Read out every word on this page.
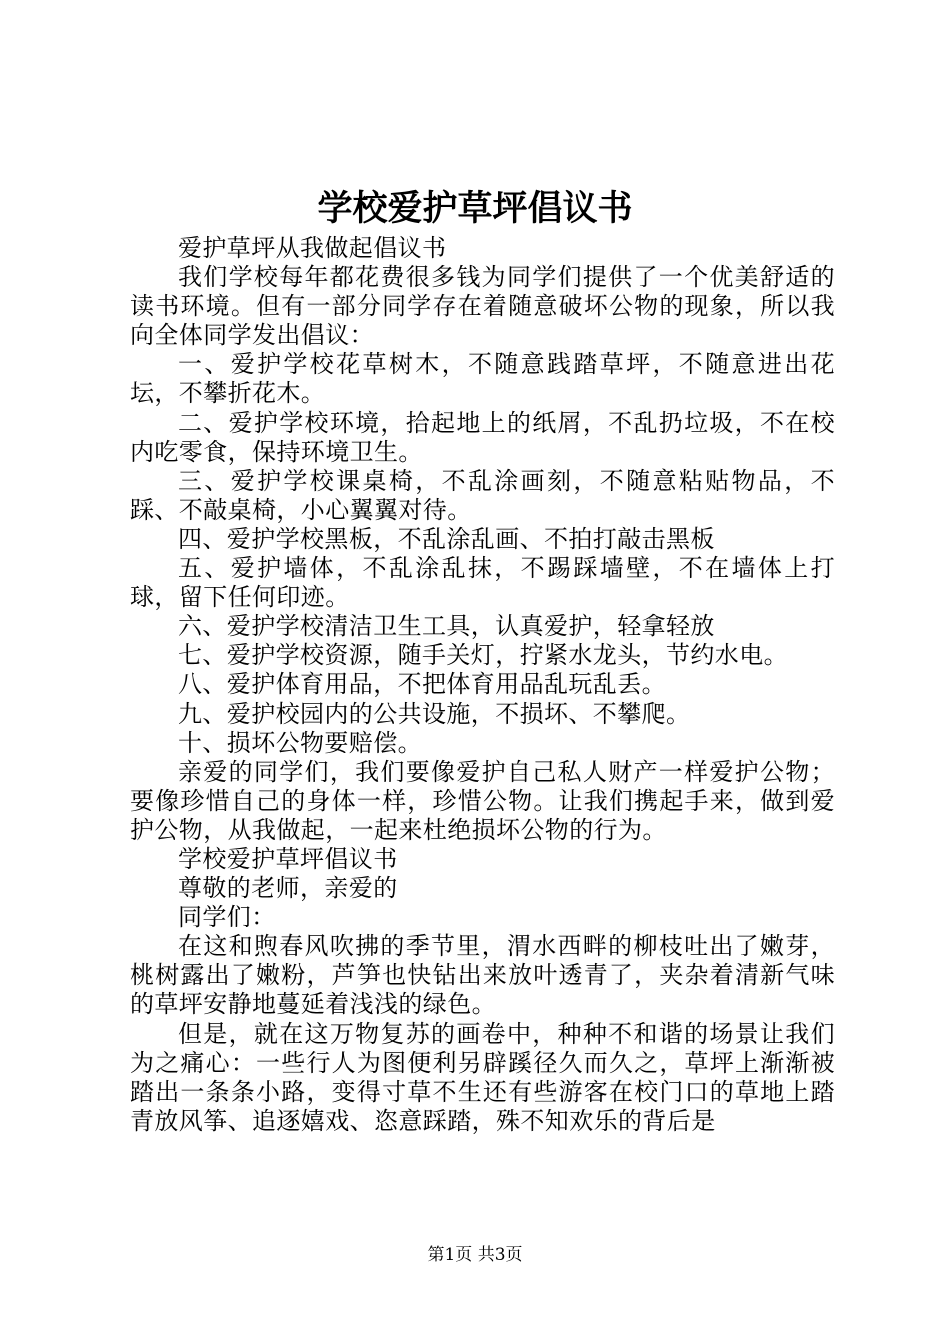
学校爱护草坪倡议书

爱护草坪从我做起倡议书

我们学校每年都花费很多钱为同学们提供了一个优美舒适的读书环境。但有一部分同学存在着随意破坏公物的现象，所以我向全体同学发出倡议：

一、爱护学校花草树木，不随意践踏草坪，不随意进出花坛，不攀折花木。

二、爱护学校环境，拾起地上的纸屑，不乱扔垃圾，不在校内吃零食，保持环境卫生。

三、爱护学校课桌椅，不乱涂画刻，不随意粘贴物品，不踩、不敲桌椅，小心翼翼对待。

四、爱护学校黑板，不乱涂乱画、不拍打敲击黑板

五、爱护墙体，不乱涂乱抹，不踢踩墙壁，不在墙体上打球，留下任何印迹。

六、爱护学校清洁卫生工具，认真爱护，轻拿轻放

七、爱护学校资源，随手关灯，拧紧水龙头，节约水电。

八、爱护体育用品，不把体育用品乱玩乱丢。

九、爱护校园内的公共设施，不损坏、不攀爬。

十、损坏公物要赔偿。

亲爱的同学们，我们要像爱护自己私人财产一样爱护公物；要像珍惜自己的身体一样，珍惜公物。让我们携起手来，做到爱护公物，从我做起，一起来杜绝损坏公物的行为。

学校爱护草坪倡议书

尊敬的老师，亲爱的

同学们：

在这和煦春风吹拂的季节里，渭水西畔的柳枝吐出了嫩芽，桃树露出了嫩粉，芦笋也快钻出来放叶透青了，夹杂着清新气味的草坪安静地蔓延着浅浅的绿色。

但是，就在这万物复苏的画卷中，种种不和谐的场景让我们为之痛心：一些行人为图便利另辟蹊径久而久之，草坪上渐渐被踏出一条条小路，变得寸草不生还有些游客在校门口的草地上踏青放风筝、追逐嬉戏、恣意踩踏，殊不知欢乐的背后是

第1页 共3页
